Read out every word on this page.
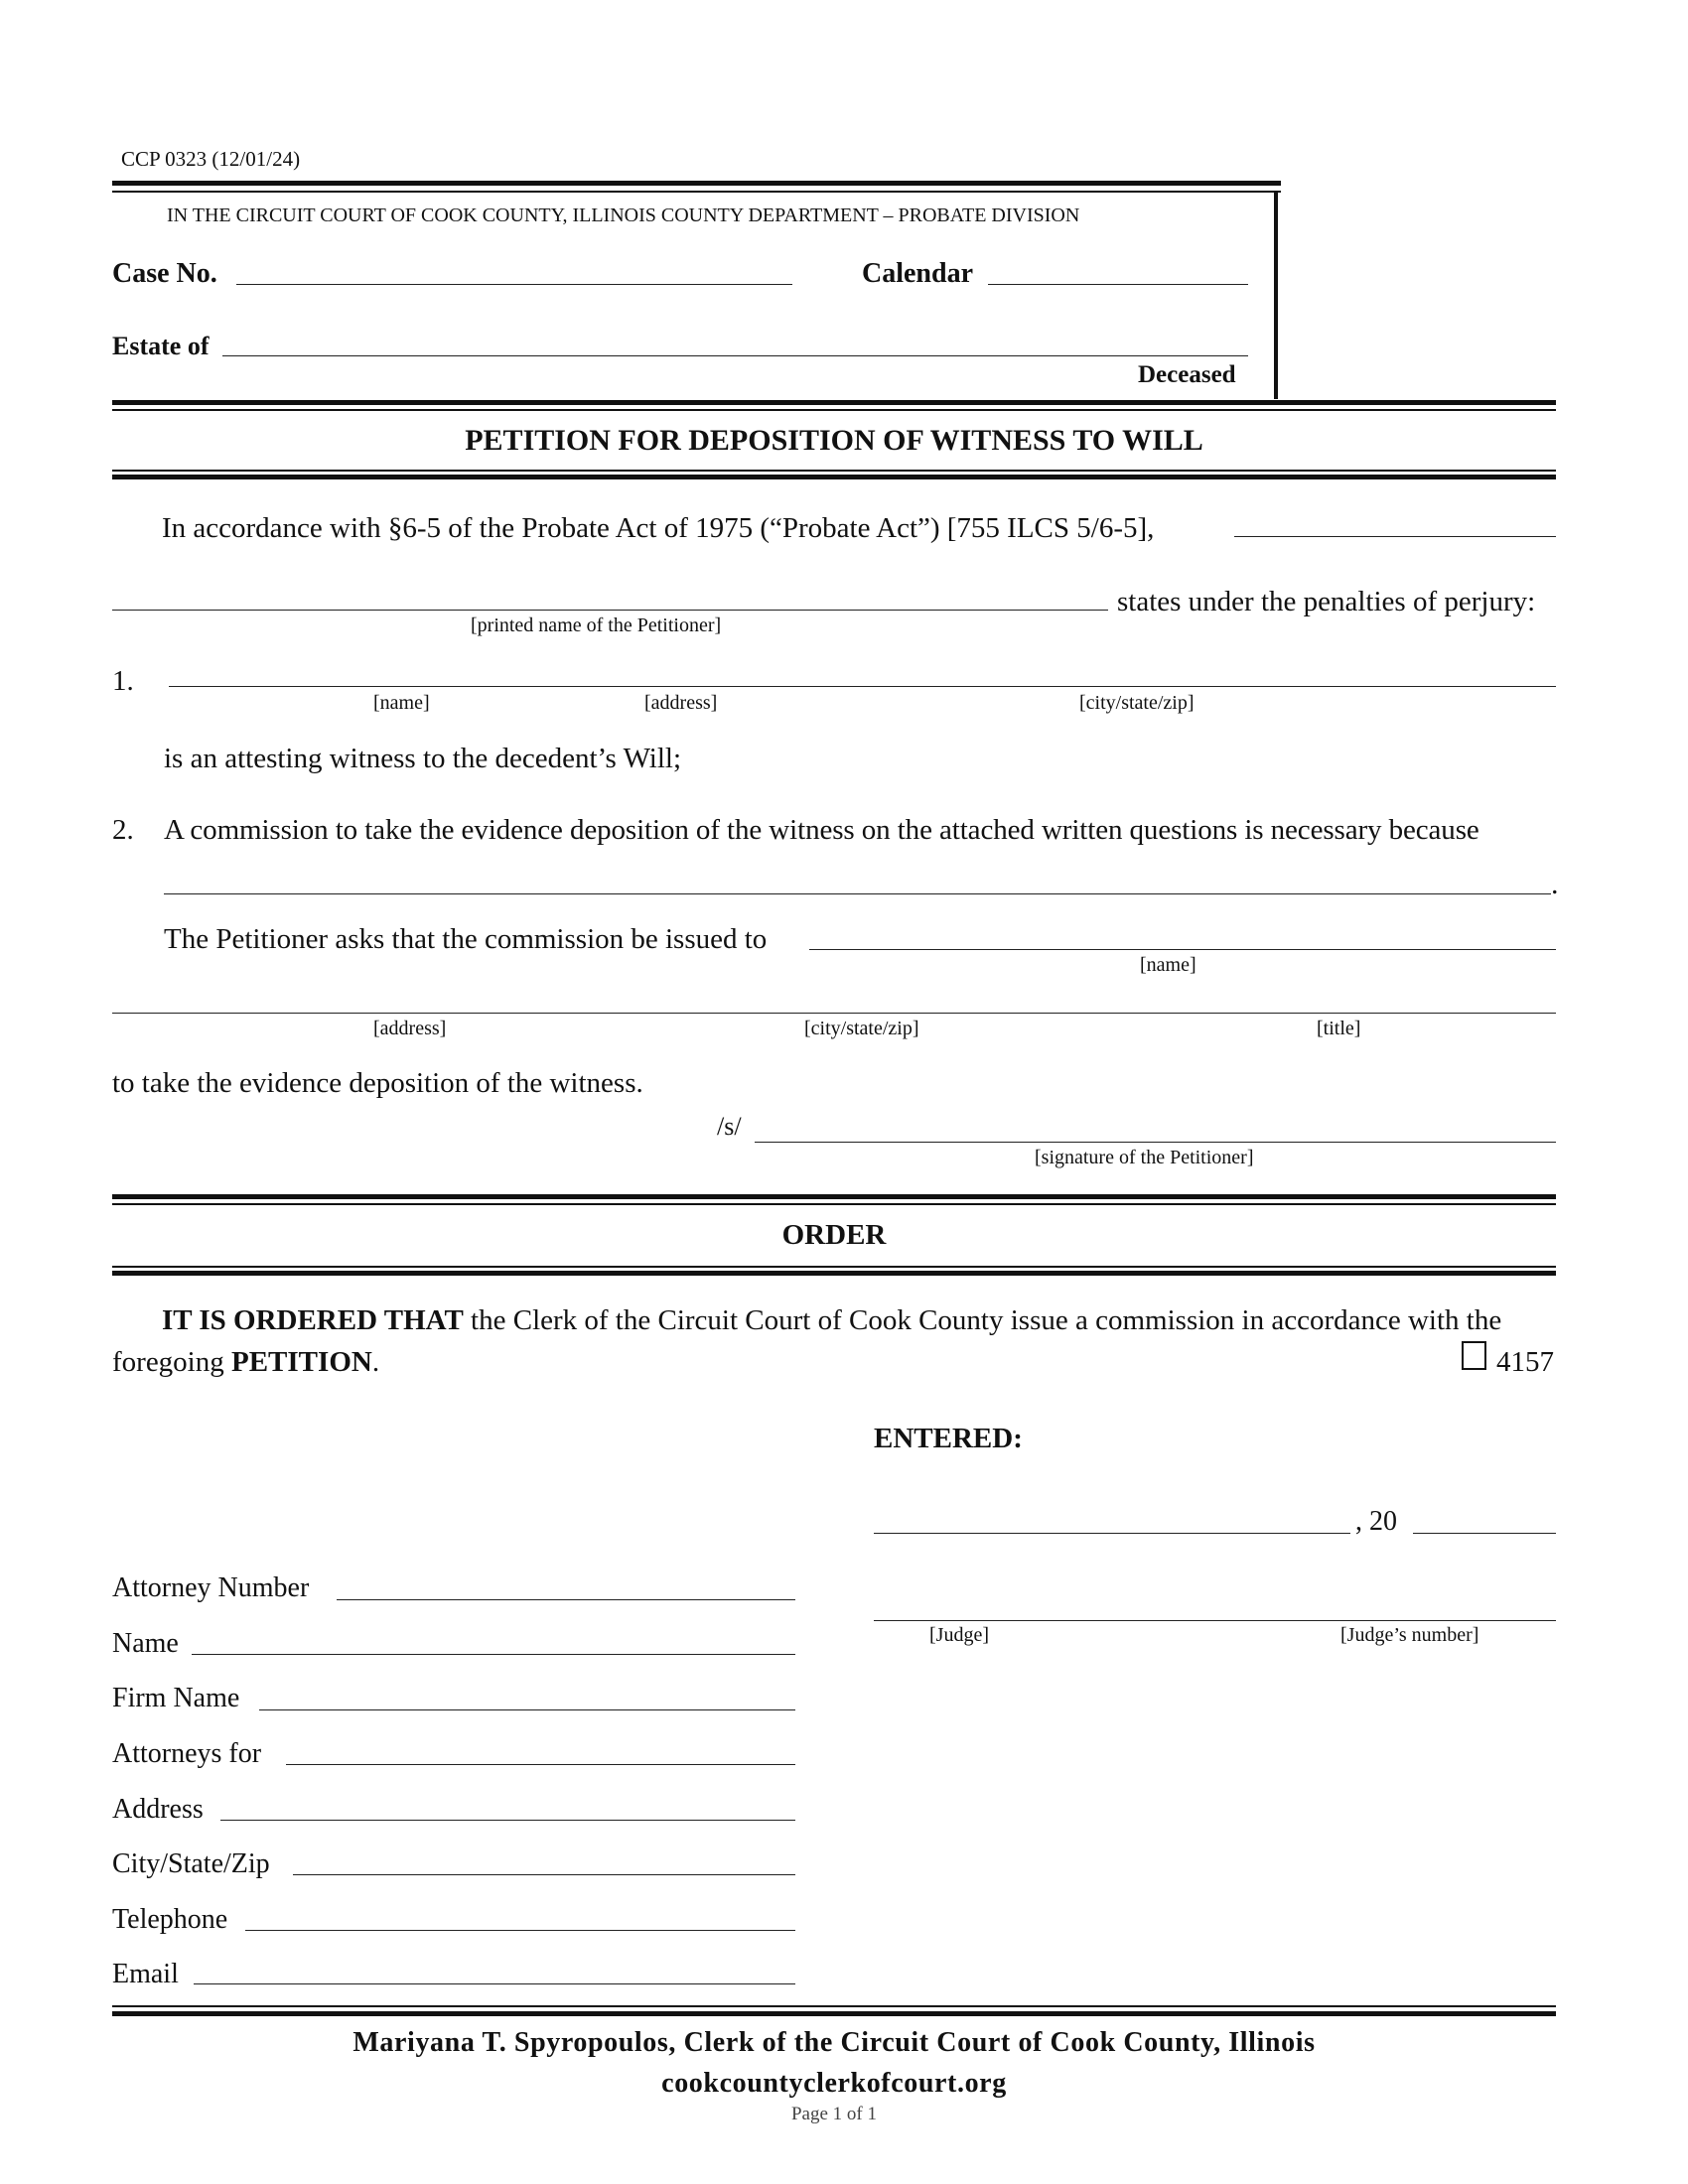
CCP 0323 (12/01/24)
IN THE CIRCUIT COURT OF COOK COUNTY, ILLINOIS COUNTY DEPARTMENT – PROBATE DIVISION
Case No.	Calendar
Estate of
Deceased
PETITION FOR DEPOSITION OF WITNESS TO WILL
In accordance with §6-5 of the Probate Act of 1975 (“Probate Act”) [755 ILCS 5/6-5],
states under the penalties of perjury:
[printed name of the Petitioner]
1.
[name]	[address]	[city/state/zip]
is an attesting witness to the decedent’s Will;
2. A commission to take the evidence deposition of the witness on the attached written questions is necessary because
.
The Petitioner asks that the commission be issued to
[name]
[address]	[city/state/zip]	[title]
to take the evidence deposition of the witness.
/s/
[signature of the Petitioner]
ORDER
IT IS ORDERED THAT the Clerk of the Circuit Court of Cook County issue a commission in accordance with the
foregoing PETITION.	4157
ENTERED:
, 20
[Judge]	[Judge’s number]
Attorney Number
Name
Firm Name
Attorneys for
Address
City/State/Zip
Telephone
Email
Mariyana T. Spyropoulos, Clerk of the Circuit Court of Cook County, Illinois
cookcountyclerkofcourt.org
Page 1 of 1
